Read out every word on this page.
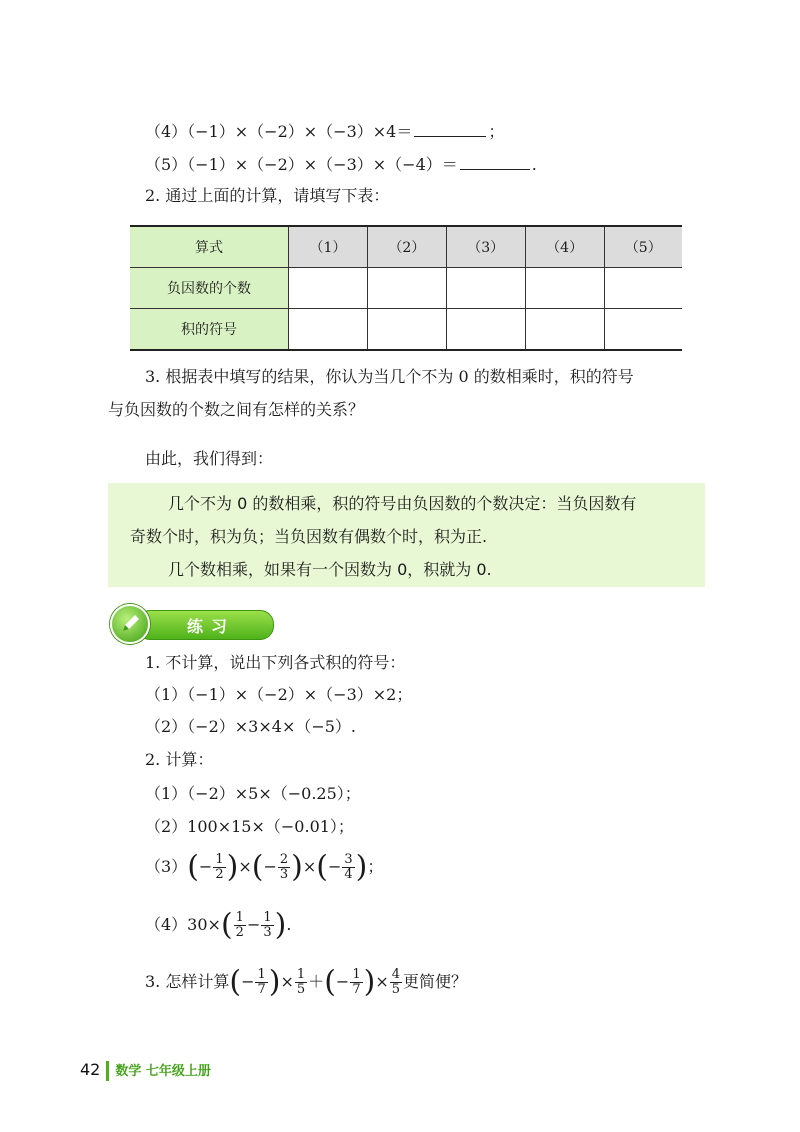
（4）（−1）×（−2）×（−3）×4＝	；
（5）（−1）×（−2）×（−3）×（−4）＝	.
2. 通过上面的计算，请填写下表：
算式	（1）	（2）	（3）	（4）	（5）
负因数的个数					
积的符号					
3. 根据表中填写的结果，你认为当几个不为 0 的数相乘时，积的符号
与负因数的个数之间有怎样的关系？
由此，我们得到：

几个不为 0 的数相乘，积的符号由负因数的个数决定：当负因数有

奇数个时，积为负；当负因数有偶数个时，积为正.

几个数相乘，如果有一个因数为 0，积就为 0.

练习
1. 不计算，说出下列各式积的符号：
（1）（−1）×（−2）×（−3）×2；
（2）（−2）×3×4×（−5）.
2. 计算：
（1）（−2）×5×（−0.25）；
（2）100×15×（−0.01）；
$(3)(- \frac{1}{2}$ )×(− $\frac{2}{3}$ )×(− $\frac{3}{4}$ )；
$(4)30\times( \frac{1}{2} - \frac{1}{3}$ ).
3. 怎样计算(− $\frac{1}{7}$ )× $\frac{1}{5}$ ＋(− $\frac{1}{7}$ )× $\frac{4}{5}$ 更简便？
42 数学 七年级上册
